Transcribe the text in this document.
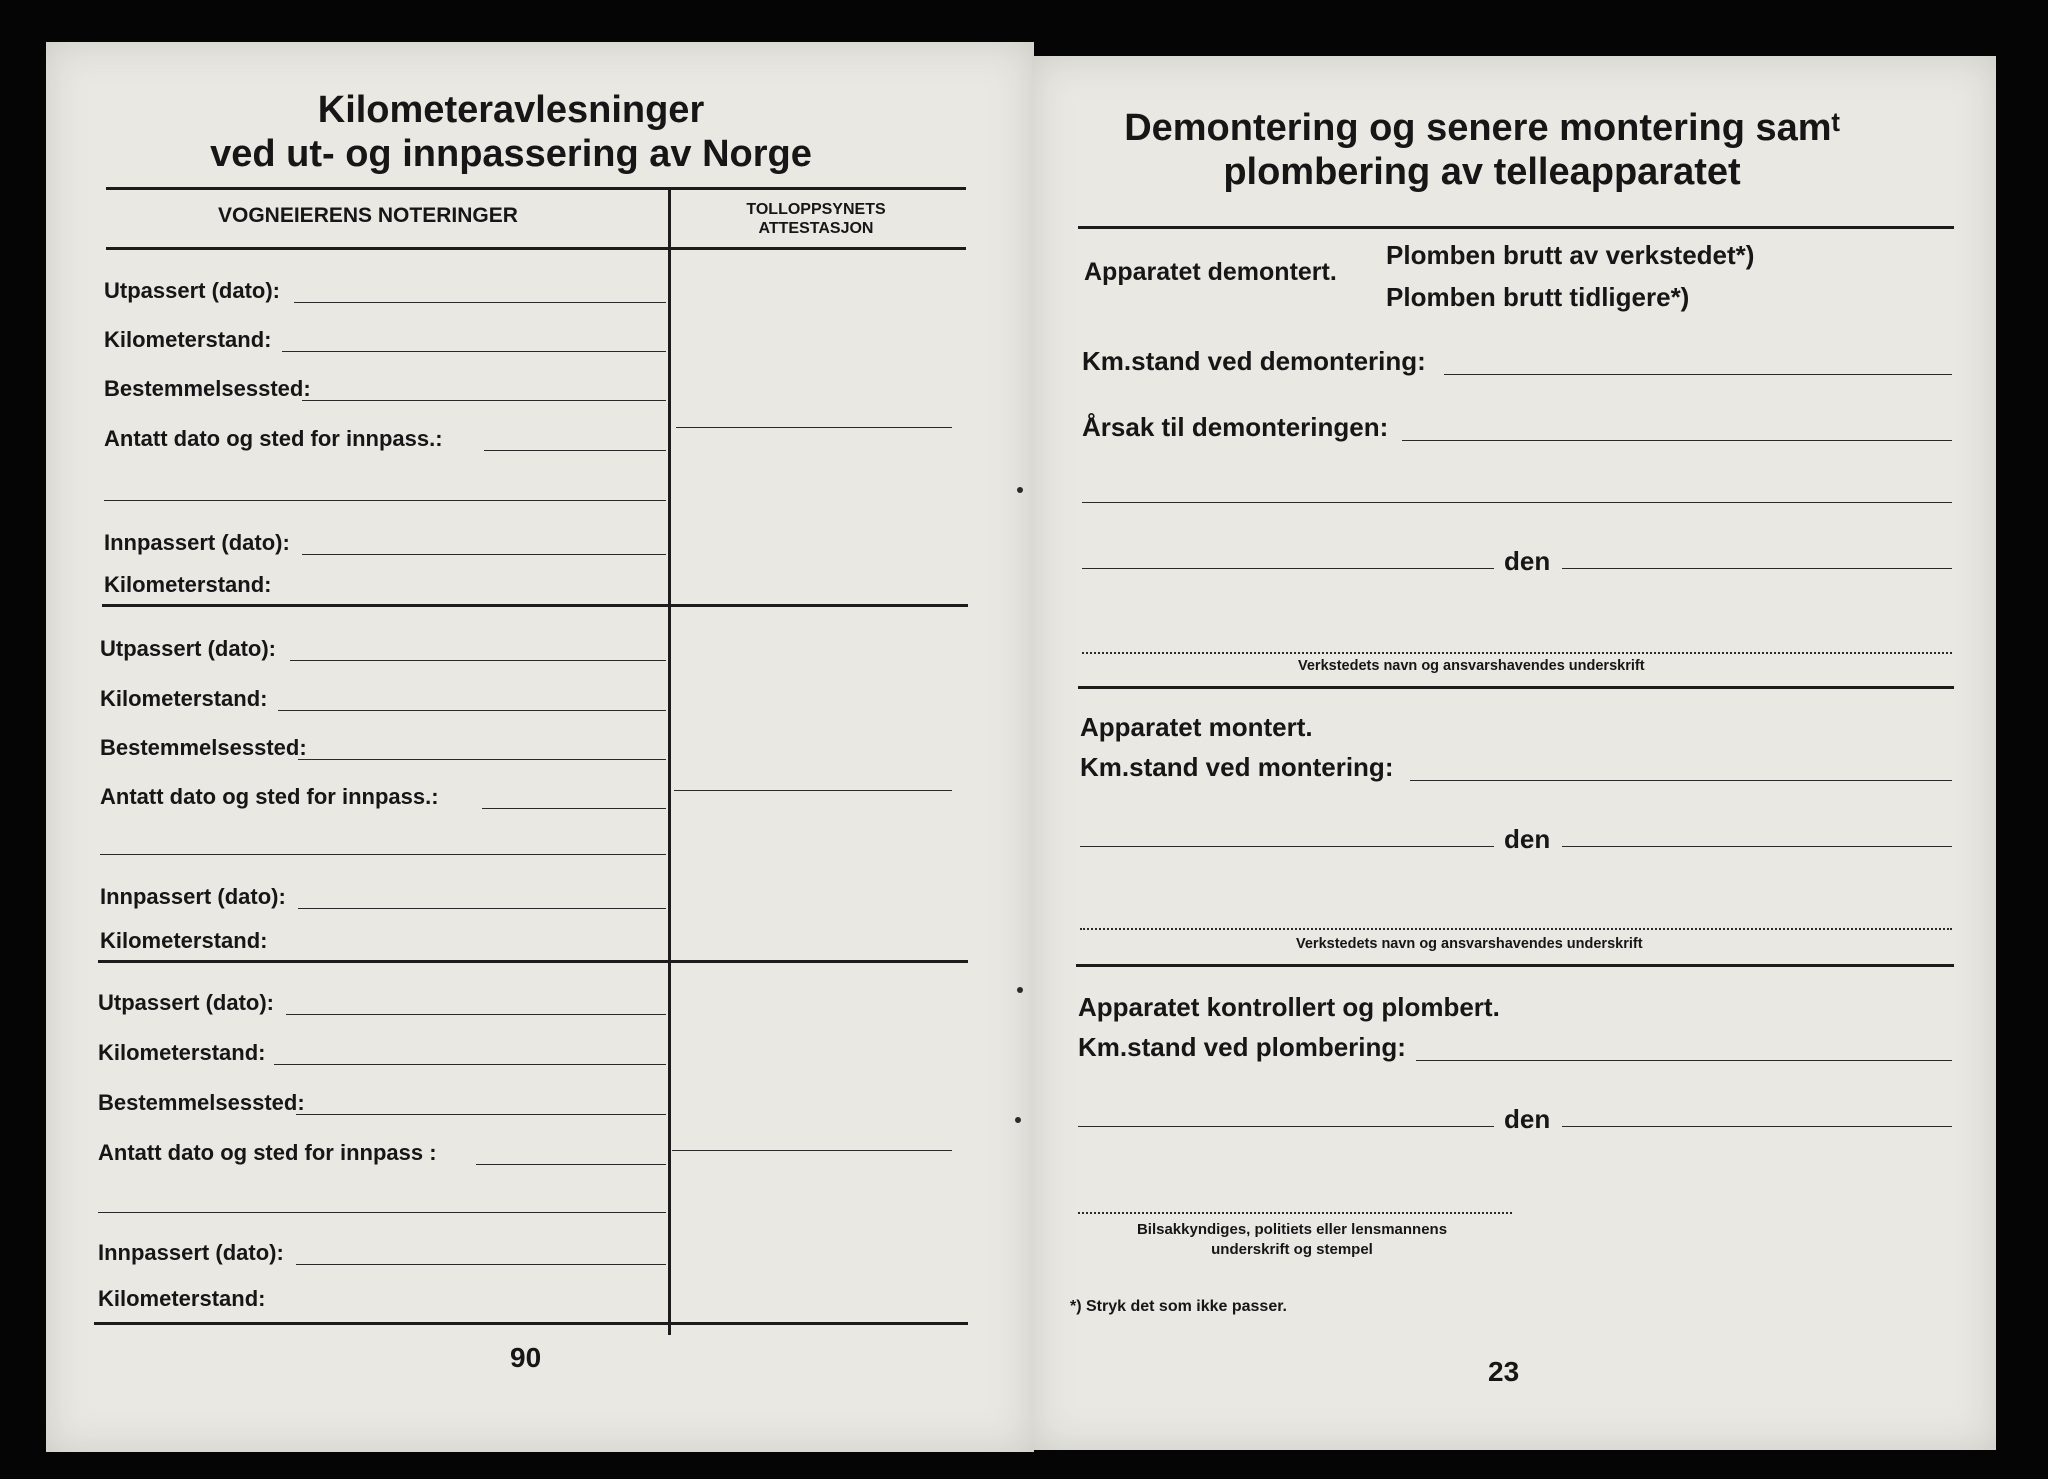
Kilometeravlesninger
ved ut- og innpassering av Norge
VOGNEIERENS NOTERINGER	TOLLOPPSYNETS
ATTESTASJON
Utpassert (dato):
Kilometerstand:
Bestemmelsessted:
Antatt dato og sted for innpass.:
Innpassert (dato):
Kilometerstand:
Utpassert (dato):
Kilometerstand:
Bestemmelsessted:
Antatt dato og sted for innpass.:
Innpassert (dato):
Kilometerstand:
Utpassert (dato):
Kilometerstand:
Bestemmelsessted:
Antatt dato og sted for innpass :
Innpassert (dato):
Kilometerstand:
90
Demontering og senere montering samᵗ
plombering av telleapparatet
Apparatet demontert.
Plomben brutt av verkstedet*)
Plomben brutt tidligere*)
Km.stand ved demontering:
Årsak til demonteringen:
den
Verkstedets navn og ansvarshavendes underskrift
Apparatet montert.
Km.stand ved montering:
den
Verkstedets navn og ansvarshavendes underskrift
Apparatet kontrollert og plombert.
Km.stand ved plombering:
den
Bilsakkyndiges, politiets eller lensmannens
underskrift og stempel
*) Stryk det som ikke passer.
23
